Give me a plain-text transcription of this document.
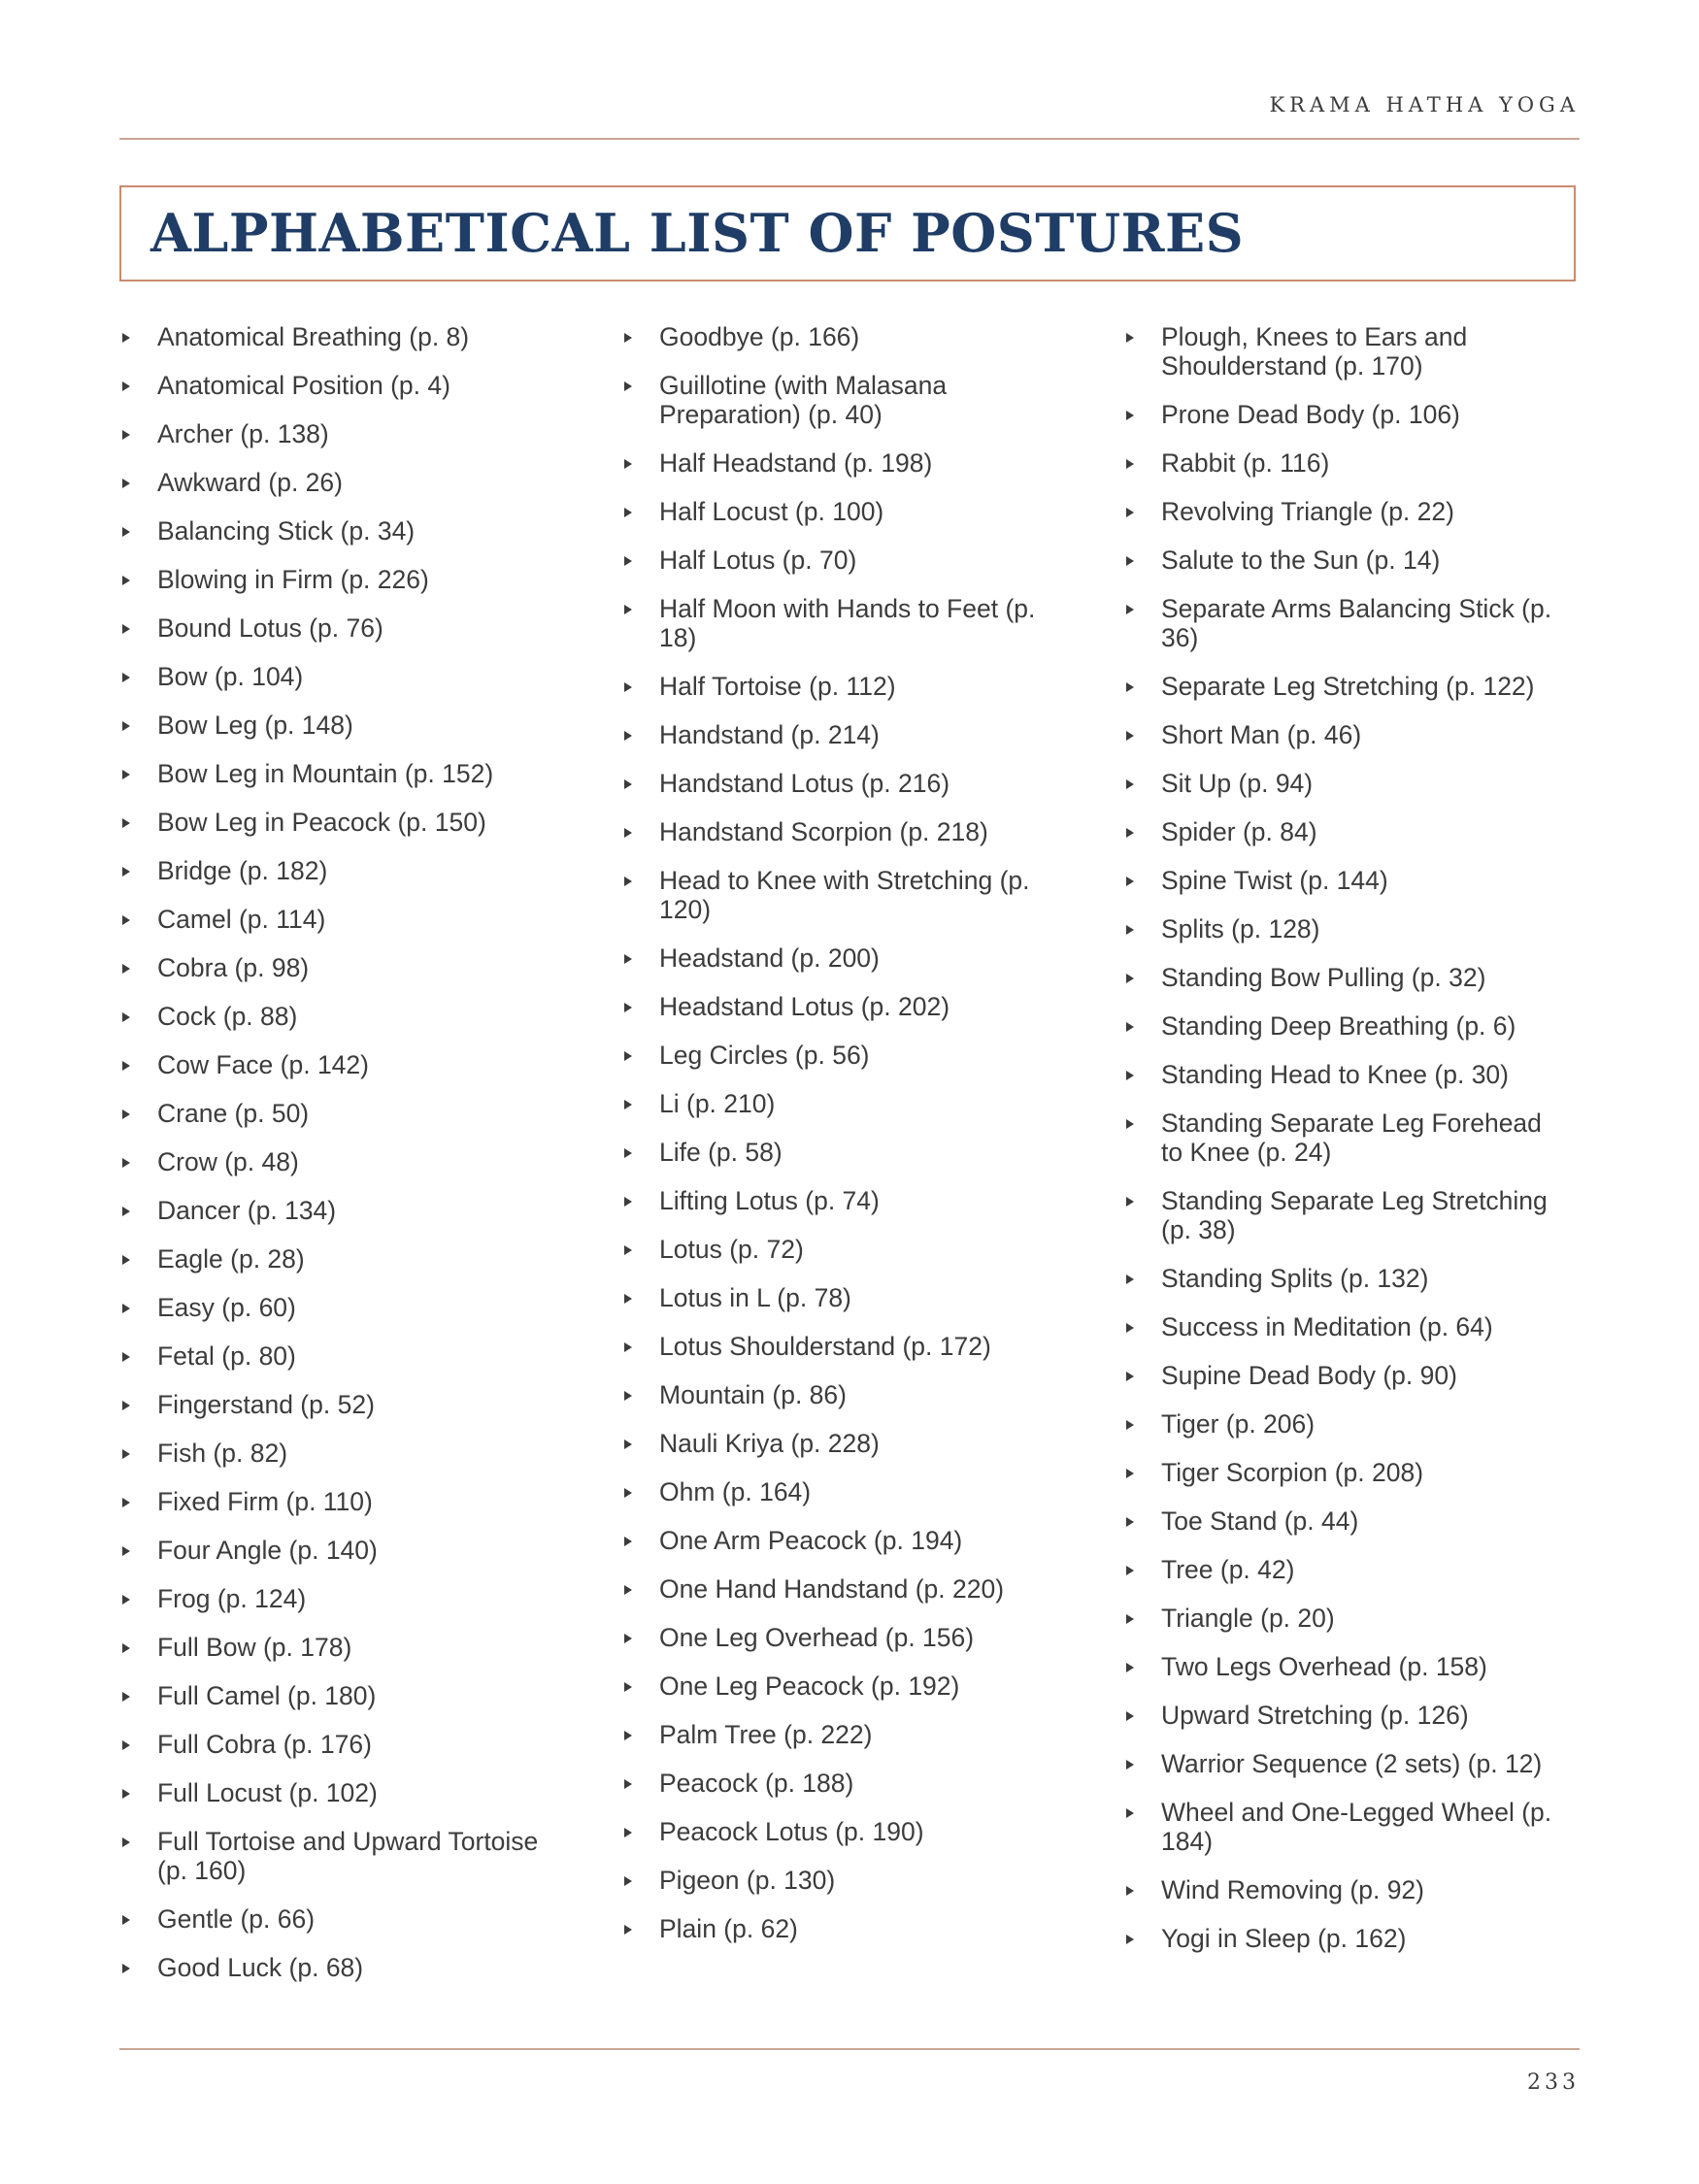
KRAMA HATHA YOGA
ALPHABETICAL LIST OF POSTURES
Anatomical Breathing (p. 8)
Anatomical Position (p. 4)
Archer (p. 138)
Awkward (p. 26)
Balancing Stick (p. 34)
Blowing in Firm (p. 226)
Bound Lotus (p. 76)
Bow (p. 104)
Bow Leg (p. 148)
Bow Leg in Mountain (p. 152)
Bow Leg in Peacock (p. 150)
Bridge (p. 182)
Camel (p. 114)
Cobra (p. 98)
Cock (p. 88)
Cow Face (p. 142)
Crane (p. 50)
Crow (p. 48)
Dancer (p. 134)
Eagle (p. 28)
Easy (p. 60)
Fetal (p. 80)
Fingerstand (p. 52)
Fish (p. 82)
Fixed Firm (p. 110)
Four Angle (p. 140)
Frog (p. 124)
Full Bow (p. 178)
Full Camel (p. 180)
Full Cobra (p. 176)
Full Locust (p. 102)
Full Tortoise and Upward Tortoise (p. 160)
Gentle (p. 66)
Good Luck (p. 68)
Goodbye (p. 166)
Guillotine (with Malasana Preparation) (p. 40)
Half Headstand (p. 198)
Half Locust (p. 100)
Half Lotus (p. 70)
Half Moon with Hands to Feet (p. 18)
Half Tortoise (p. 112)
Handstand (p. 214)
Handstand Lotus (p. 216)
Handstand Scorpion (p. 218)
Head to Knee with Stretching (p. 120)
Headstand (p. 200)
Headstand Lotus (p. 202)
Leg Circles (p. 56)
Li (p. 210)
Life (p. 58)
Lifting Lotus (p. 74)
Lotus (p. 72)
Lotus in L (p. 78)
Lotus Shoulderstand (p. 172)
Mountain (p. 86)
Nauli Kriya (p. 228)
Ohm (p. 164)
One Arm Peacock (p. 194)
One Hand Handstand (p. 220)
One Leg Overhead (p. 156)
One Leg Peacock (p. 192)
Palm Tree (p. 222)
Peacock (p. 188)
Peacock Lotus (p. 190)
Pigeon (p. 130)
Plain (p. 62)
Plough, Knees to Ears and Shoulderstand (p. 170)
Prone Dead Body (p. 106)
Rabbit (p. 116)
Revolving Triangle (p. 22)
Salute to the Sun (p. 14)
Separate Arms Balancing Stick (p. 36)
Separate Leg Stretching (p. 122)
Short Man (p. 46)
Sit Up (p. 94)
Spider (p. 84)
Spine Twist (p. 144)
Splits (p. 128)
Standing Bow Pulling (p. 32)
Standing Deep Breathing (p. 6)
Standing Head to Knee (p. 30)
Standing Separate Leg Forehead to Knee (p. 24)
Standing Separate Leg Stretching (p. 38)
Standing Splits (p. 132)
Success in Meditation (p. 64)
Supine Dead Body (p. 90)
Tiger (p. 206)
Tiger Scorpion (p. 208)
Toe Stand (p. 44)
Tree (p. 42)
Triangle (p. 20)
Two Legs Overhead (p. 158)
Upward Stretching (p. 126)
Warrior Sequence (2 sets) (p. 12)
Wheel and One-Legged Wheel (p. 184)
Wind Removing (p. 92)
Yogi in Sleep (p. 162)
233
